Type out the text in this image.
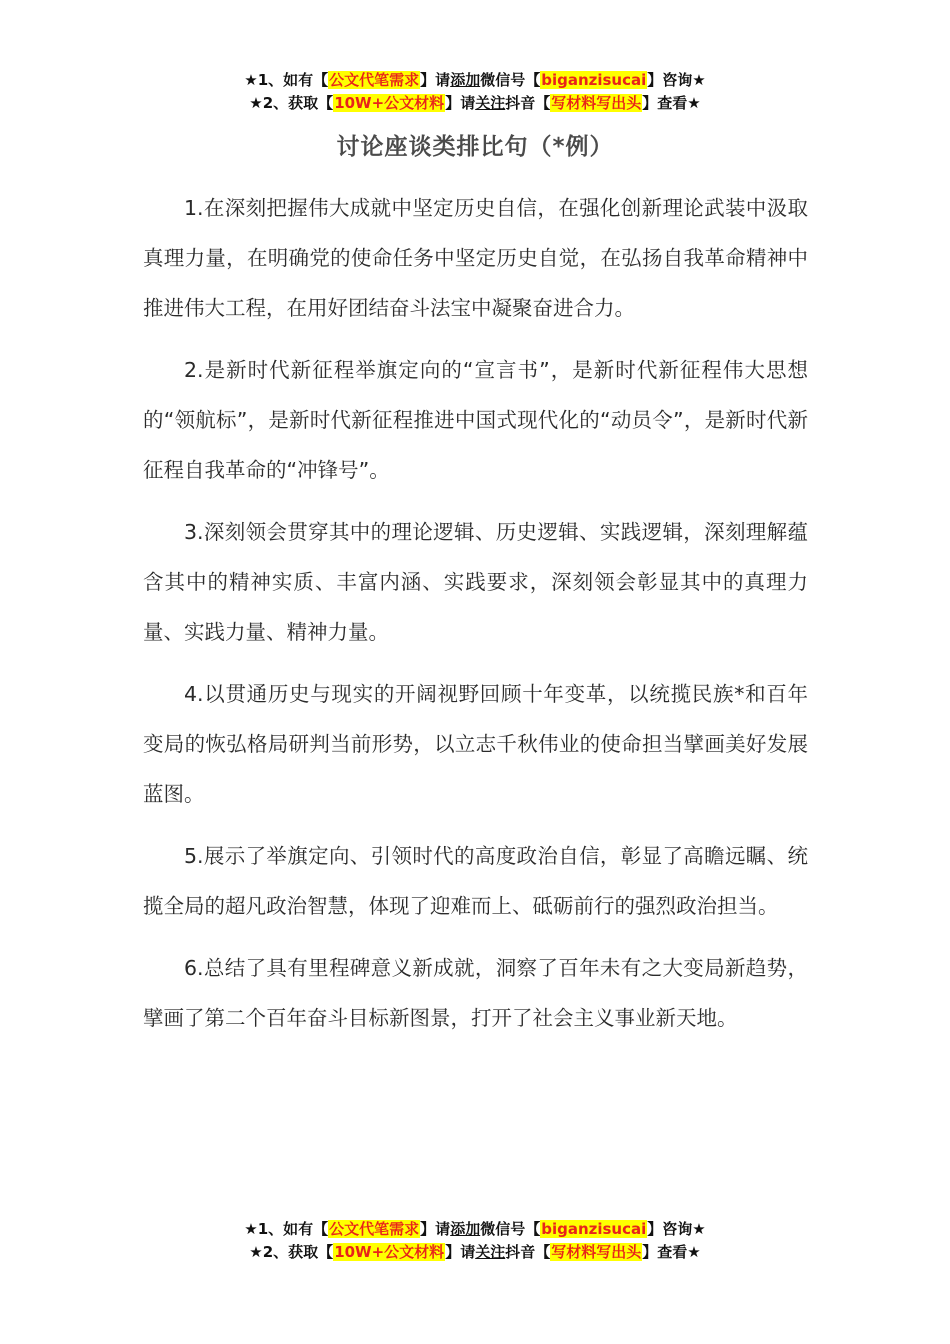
★1、如有【公文代笔需求】请添加微信号【biganzisucai】咨询★
★2、获取【10W+公文材料】请关注抖音【写材料写出头】查看★
讨论座谈类排比句（*例）

1.在深刻把握伟大成就中坚定历史自信，在强化创新理论武装中汲取真理力量，在明确党的使命任务中坚定历史自觉，在弘扬自我革命精神中推进伟大工程，在用好团结奋斗法宝中凝聚奋进合力。

2.是新时代新征程举旗定向的“宣言书”，是新时代新征程伟大思想的“领航标”，是新时代新征程推进中国式现代化的“动员令”，是新时代新征程自我革命的“冲锋号”。

3.深刻领会贯穿其中的理论逻辑、历史逻辑、实践逻辑，深刻理解蕴含其中的精神实质、丰富内涵、实践要求，深刻领会彰显其中的真理力量、实践力量、精神力量。

4.以贯通历史与现实的开阔视野回顾十年变革，以统揽民族*和百年变局的恢弘格局研判当前形势，以立志千秋伟业的使命担当擘画美好发展蓝图。

5.展示了举旗定向、引领时代的高度政治自信，彰显了高瞻远瞩、统揽全局的超凡政治智慧，体现了迎难而上、砥砺前行的强烈政治担当。

6.总结了具有里程碑意义新成就，洞察了百年未有之大变局新趋势，擘画了第二个百年奋斗目标新图景，打开了社会主义事业新天地。

★1、如有【公文代笔需求】请添加微信号【biganzisucai】咨询★
★2、获取【10W+公文材料】请关注抖音【写材料写出头】查看★
